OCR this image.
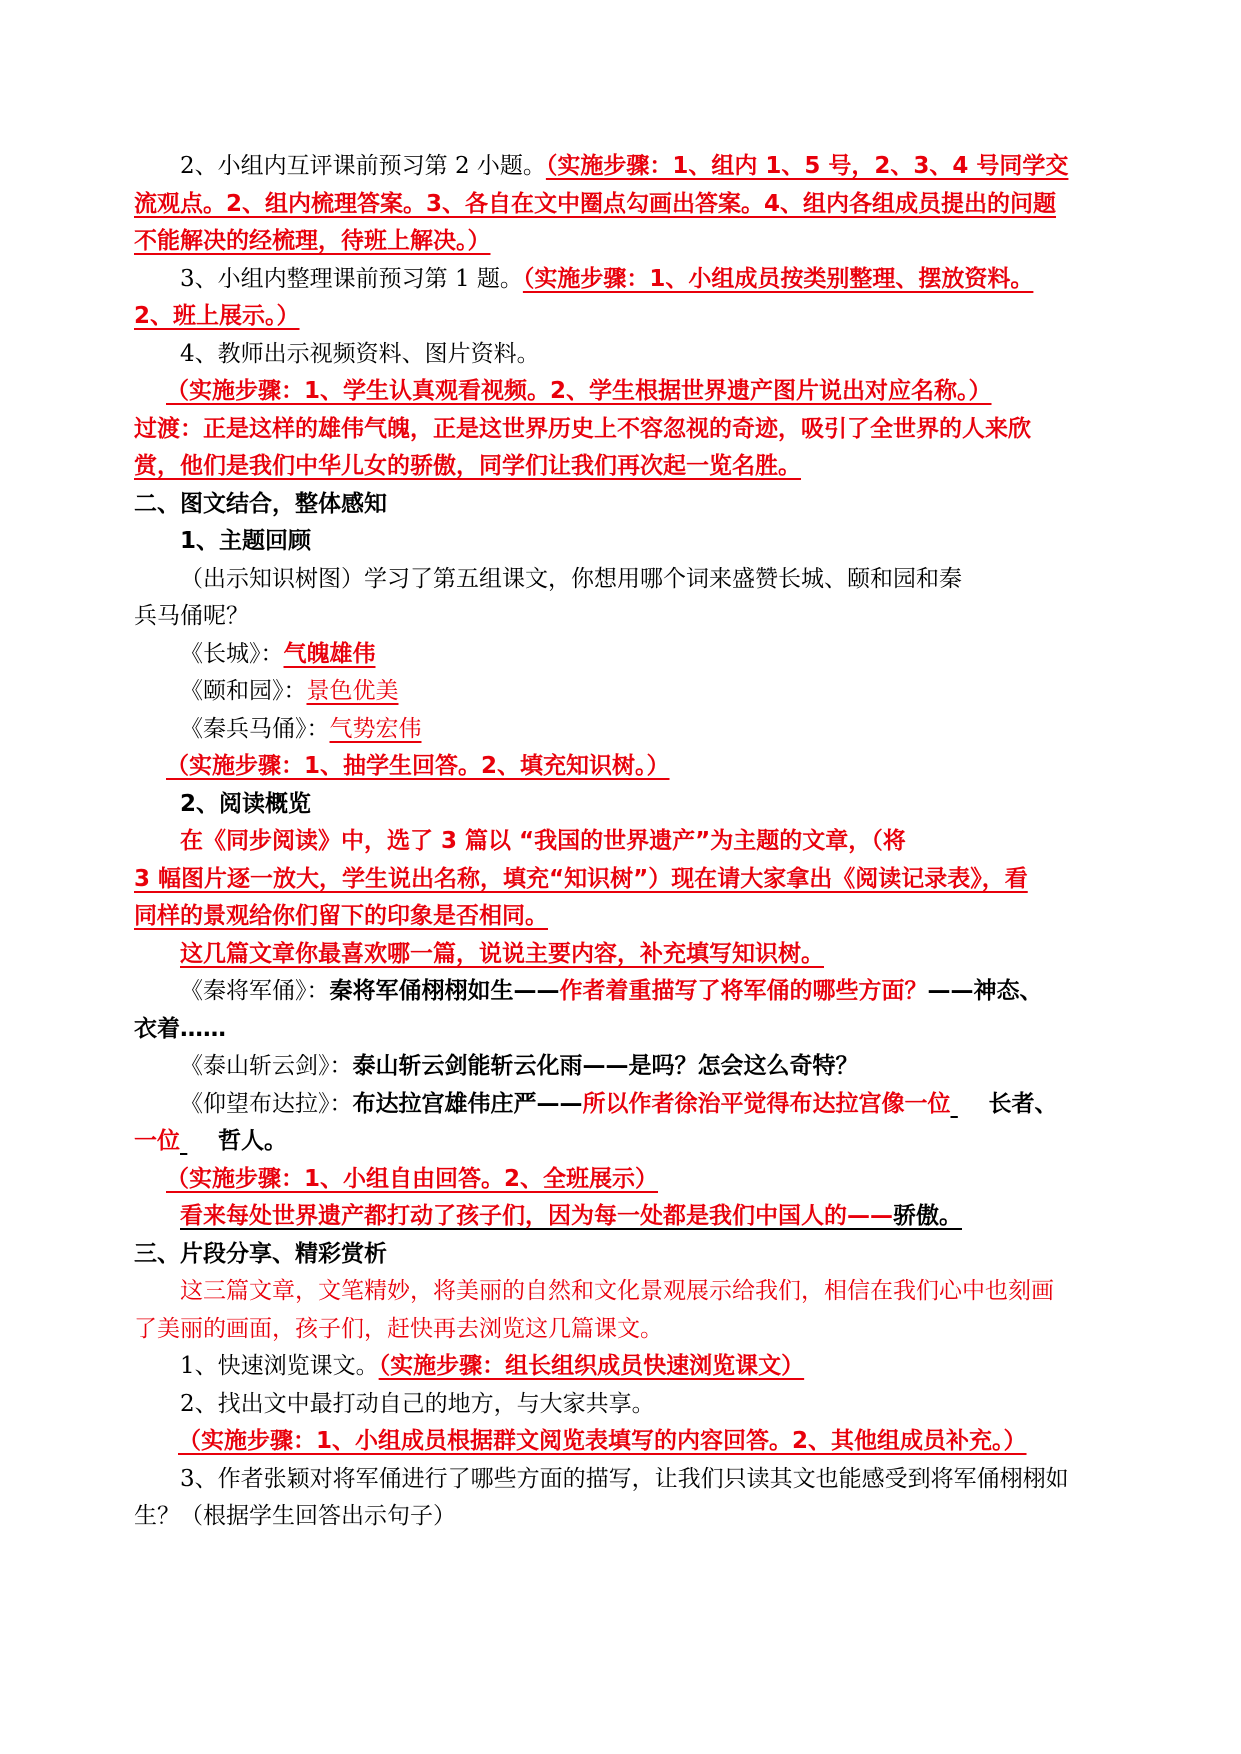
2、小组内互评课前预习第 2 小题。（实施步骤：1、组内 1、5 号，2、3、4 号同学交
流观点。2、组内梳理答案。3、各自在文中圈点勾画出答案。4、组内各组成员提出的问题
不能解决的经梳理，待班上解决。）
3、小组内整理课前预习第 1 题。（实施步骤：1、小组成员按类别整理、摆放资料。
2、班上展示。）
4、教师出示视频资料、图片资料。
（实施步骤：1、学生认真观看视频。2、学生根据世界遗产图片说出对应名称。）
过渡：正是这样的雄伟气魄，正是这世界历史上不容忽视的奇迹，吸引了全世界的人来欣
赏，他们是我们中华儿女的骄傲，同学们让我们再次起一览名胜。
二、图文结合，整体感知
1、主题回顾
（出示知识树图）学习了第五组课文，你想用哪个词来盛赞长城、颐和园和秦
兵马俑呢？
《长城》：气魄雄伟
《颐和园》：景色优美
《秦兵马俑》：气势宏伟
（实施步骤：1、抽学生回答。2、填充知识树。）
2、阅读概览
在《同步阅读》中，选了 3 篇以 “我国的世界遗产”为主题的文章，（将
3 幅图片逐一放大，学生说出名称，填充“知识树”）现在请大家拿出《阅读记录表》，看
同样的景观给你们留下的印象是否相同。
这几篇文章你最喜欢哪一篇，说说主要内容，补充填写知识树。
《秦将军俑》：秦将军俑栩栩如生——作者着重描写了将军俑的哪些方面？——神态、
衣着……
《泰山斩云剑》：泰山斩云剑能斩云化雨——是吗？怎会这么奇特？
《仰望布达拉》：布达拉宫雄伟庄严——所以作者徐治平觉得布达拉宫像一位 长者、
一位 哲人。
（实施步骤：1、小组自由回答。2、全班展示）
看来每处世界遗产都打动了孩子们，因为每一处都是我们中国人的——骄傲。
三、片段分享、精彩赏析
这三篇文章，文笔精妙，将美丽的自然和文化景观展示给我们，相信在我们心中也刻画
了美丽的画面，孩子们，赶快再去浏览这几篇课文。
1、快速浏览课文。（实施步骤：组长组织成员快速浏览课文）
2、找出文中最打动自己的地方，与大家共享。
（实施步骤：1、小组成员根据群文阅览表填写的内容回答。2、其他组成员补充。）
3、作者张颖对将军俑进行了哪些方面的描写，让我们只读其文也能感受到将军俑栩栩如
生？（根据学生回答出示句子）
